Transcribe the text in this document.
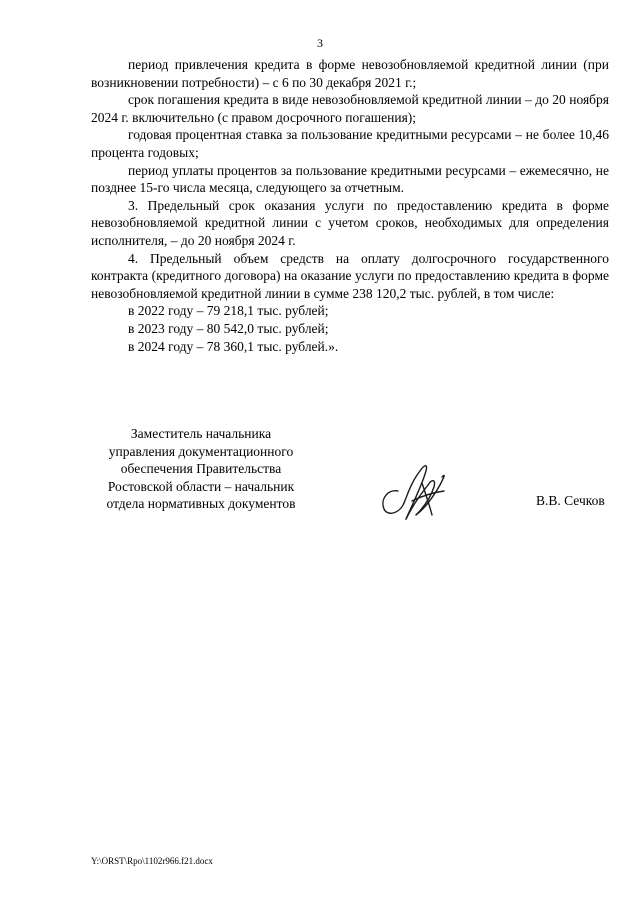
3

период привлечения кредита в форме невозобновляемой кредитной линии (при возникновении потребности) – с 6 по 30 декабря 2021 г.;

срок погашения кредита в виде невозобновляемой кредитной линии – до 20 ноября 2024 г. включительно (с правом досрочного погашения);

годовая процентная ставка за пользование кредитными ресурсами – не более 10,46 процента годовых;

период уплаты процентов за пользование кредитными ресурсами – ежемесячно, не позднее 15-го числа месяца, следующего за отчетным.

3. Предельный срок оказания услуги по предоставлению кредита в форме невозобновляемой кредитной линии с учетом сроков, необходимых для определения исполнителя, – до 20 ноября 2024 г.

4. Предельный объем средств на оплату долгосрочного государственного контракта (кредитного договора) на оказание услуги по предоставлению кредита в форме невозобновляемой кредитной линии в сумме 238 120,2 тыс. рублей, в том числе:

в 2022 году – 79 218,1 тыс. рублей;

в 2023 году – 80 542,0 тыс. рублей;

в 2024 году – 78 360,1 тыс. рублей.».

Заместитель начальника
управления документационного
обеспечения Правительства
Ростовской области – начальник
отдела нормативных документов	В.В. Сечков
Y:\ORST\Rpo\1102r966.f21.docx
